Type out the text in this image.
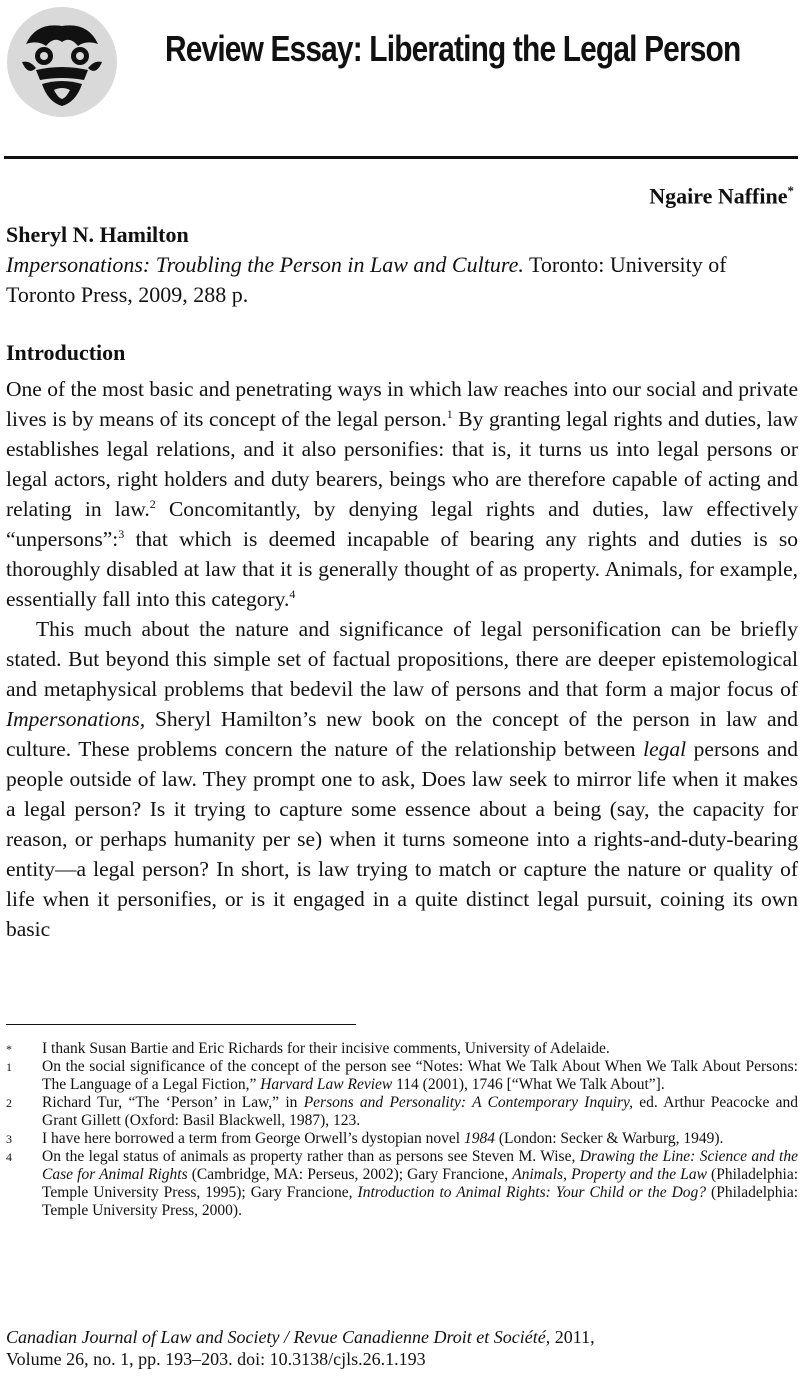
Review Essay: Liberating the Legal Person
Ngaire Naffine*
Sheryl N. Hamilton
Impersonations: Troubling the Person in Law and Culture. Toronto: University of Toronto Press, 2009, 288 p.
Introduction

One of the most basic and penetrating ways in which law reaches into our social and private lives is by means of its concept of the legal person.$^1$ By granting legal rights and duties, law establishes legal relations, and it also personifies: that is, it turns us into legal persons or legal actors, right holders and duty bearers, beings who are therefore capable of acting and relating in law.$^2$ Concomitantly, by denying legal rights and duties, law effectively “unpersons”:$^3$ that which is deemed incapable of bearing any rights and duties is so thoroughly disabled at law that it is generally thought of as property. Animals, for example, essentially fall into this category.$^4$

This much about the nature and significance of legal personification can be briefly stated. But beyond this simple set of factual propositions, there are deeper epistemological and metaphysical problems that bedevil the law of persons and that form a major focus of Impersonations, Sheryl Hamilton’s new book on the concept of the person in law and culture. These problems concern the nature of the relationship between legal persons and people outside of law. They prompt one to ask, Does law seek to mirror life when it makes a legal person? Is it trying to capture some essence about a being (say, the capacity for reason, or perhaps humanity per se) when it turns someone into a rights-and-duty-bearing entity—a legal person? In short, is law trying to match or capture the nature or quality of life when it personifies, or is it engaged in a quite distinct legal pursuit, coining its own basic

*	I thank Susan Bartie and Eric Richards for their incisive comments, University of Adelaide.
1	On the social significance of the concept of the person see “Notes: What We Talk About When We Talk About Persons: The Language of a Legal Fiction,” Harvard Law Review 114 (2001), 1746 [“What We Talk About”].
2	Richard Tur, “The ‘Person’ in Law,” in Persons and Personality: A Contemporary Inquiry, ed. Arthur Peacocke and Grant Gillett (Oxford: Basil Blackwell, 1987), 123.
3	I have here borrowed a term from George Orwell’s dystopian novel 1984 (London: Secker & Warburg, 1949).
4	On the legal status of animals as property rather than as persons see Steven M. Wise, Drawing the Line: Science and the Case for Animal Rights (Cambridge, MA: Perseus, 2002); Gary Francione, Animals, Property and the Law (Philadelphia: Temple University Press, 1995); Gary Francione, Introduction to Animal Rights: Your Child or the Dog? (Philadelphia: Temple University Press, 2000).
Canadian Journal of Law and Society / Revue Canadienne Droit et Société, 2011,
Volume 26, no. 1, pp. 193–203. doi: 10.3138/cjls.26.1.193
